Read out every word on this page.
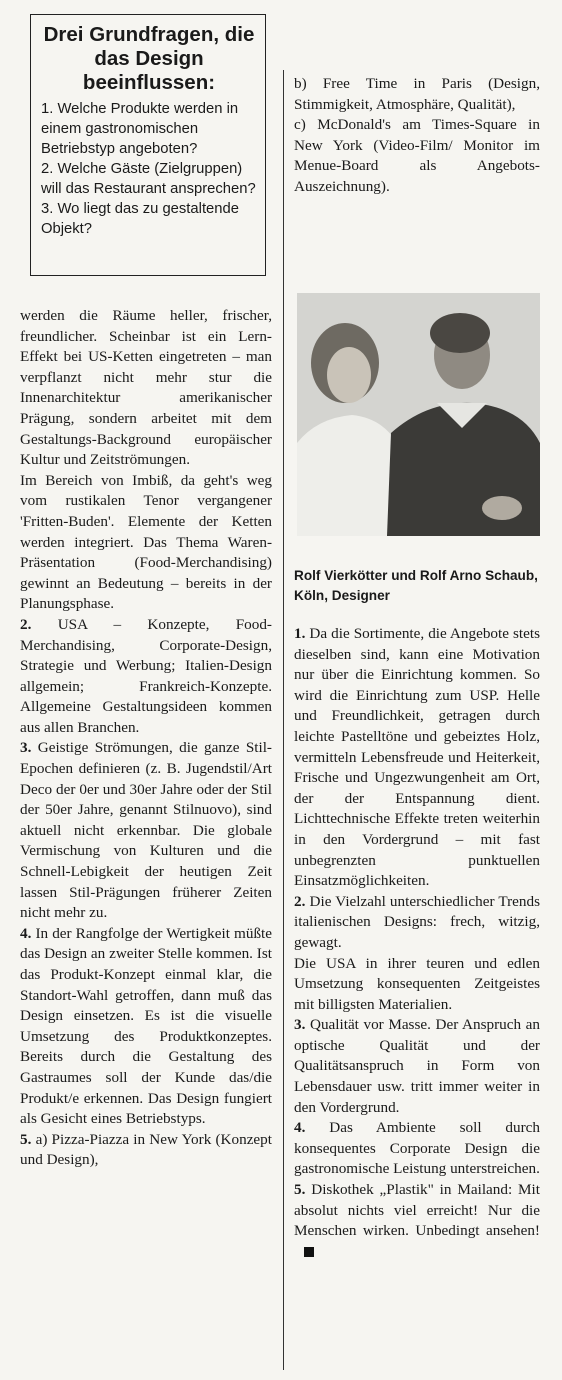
Drei Grundfragen, die das Design beeinflussen:

1. Welche Produkte werden in einem gastronomischen Betriebstyp angeboten?

2. Welche Gäste (Zielgruppen) will das Restaurant ansprechen?

3. Wo liegt das zu gestaltende Objekt?

werden die Räume heller, frischer, freundlicher. Scheinbar ist ein Lern-Effekt bei US-Ketten eingetreten – man verpflanzt nicht mehr stur die Innenarchitektur amerikanischer Prägung, sondern arbeitet mit dem Gestaltungs-Background europäischer Kultur und Zeitströmungen.

Im Bereich von Imbiß, da geht's weg vom rustikalen Tenor vergangener 'Fritten-Buden'. Elemente der Ketten werden integriert. Das Thema Waren-Präsentation (Food-Merchandising) gewinnt an Bedeutung – bereits in der Planungsphase.

2. USA – Konzepte, Food-Merchandising, Corporate-Design, Strategie und Werbung; Italien-Design allgemein; Frankreich-Konzepte. Allgemeine Gestaltungsideen kommen aus allen Branchen.

3. Geistige Strömungen, die ganze Stil-Epochen definieren (z. B. Jugendstil/Art Deco der 0er und 30er Jahre oder der Stil der 50er Jahre, genannt Stilnuovo), sind aktuell nicht erkennbar. Die globale Vermischung von Kulturen und die Schnell-Lebigkeit der heutigen Zeit lassen Stil-Prägungen früherer Zeiten nicht mehr zu.

4. In der Rangfolge der Wertigkeit müßte das Design an zweiter Stelle kommen. Ist das Produkt-Konzept einmal klar, die Standort-Wahl getroffen, dann muß das Design einsetzen. Es ist die visuelle Umsetzung des Produktkonzeptes. Bereits durch die Gestaltung des Gastraumes soll der Kunde das/die Produkt/e erkennen. Das Design fungiert als Gesicht eines Betriebstyps.

5. a) Pizza-Piazza in New York (Konzept und Design),

b) Free Time in Paris (Design, Stimmigkeit, Atmosphäre, Qualität),

c) McDonald's am Times-Square in New York (Video-Film/ Monitor im Menue-Board als Angebots-Auszeichnung).

Rolf Vierkötter und Rolf Arno Schaub, Köln, Designer

1. Da die Sortimente, die Angebote stets dieselben sind, kann eine Motivation nur über die Einrichtung kommen. So wird die Einrichtung zum USP. Helle und Freundlichkeit, getragen durch leichte Pastelltöne und gebeiztes Holz, vermitteln Lebensfreude und Heiterkeit, Frische und Ungezwungenheit am Ort, der der Entspannung dient. Lichttechnische Effekte treten weiterhin in den Vordergrund – mit fast unbegrenzten punktuellen Einsatzmöglichkeiten.

2. Die Vielzahl unterschiedlicher Trends italienischen Designs: frech, witzig, gewagt.

Die USA in ihrer teuren und edlen Umsetzung konsequenten Zeitgeistes mit billigsten Materialien.

3. Qualität vor Masse. Der Anspruch an optische Qualität und der Qualitätsanspruch in Form von Lebensdauer usw. tritt immer weiter in den Vordergrund.

4. Das Ambiente soll durch konsequentes Corporate Design die gastronomische Leistung unterstreichen.

5. Diskothek „Plastik" in Mailand: Mit absolut nichts viel erreicht! Nur die Menschen wirken. Unbedingt ansehen!
